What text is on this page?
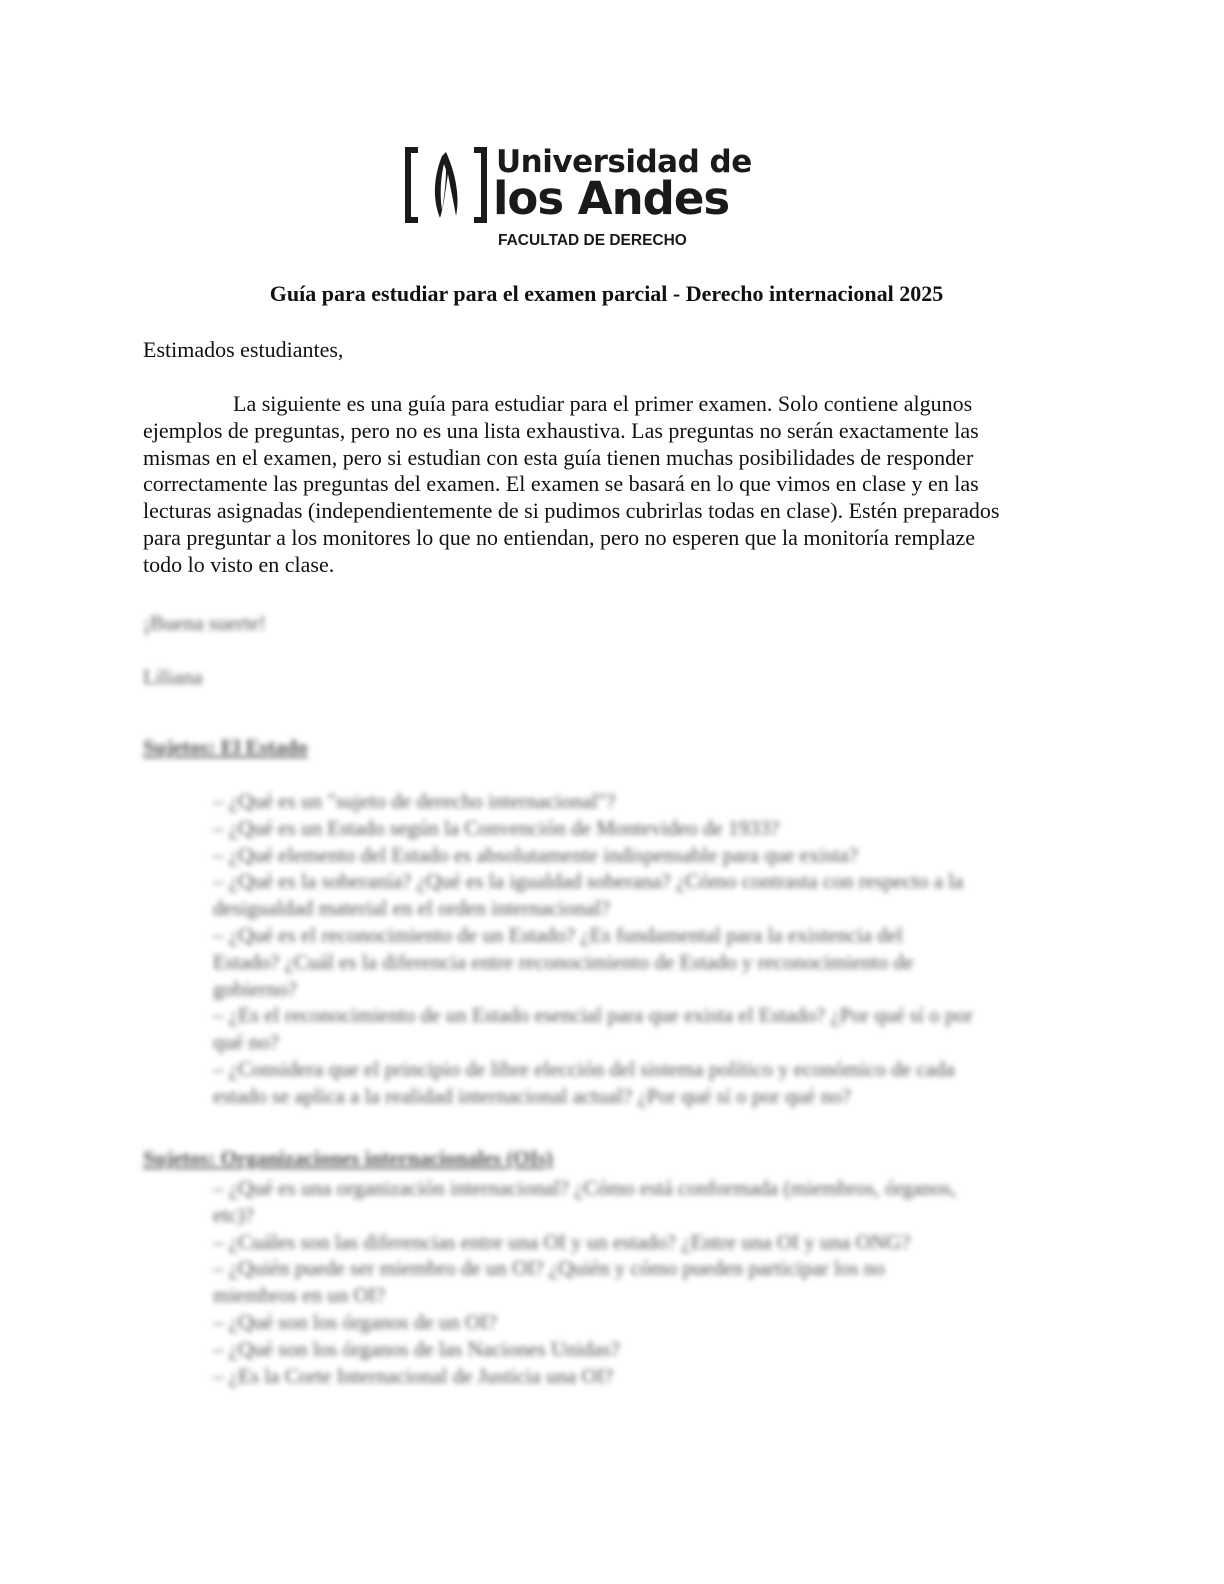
Universidad de
los Andes
FACULTAD DE DERECHO
Guía para estudiar para el examen parcial - Derecho internacional 2025
Estimados estudiantes,
La siguiente es una guía para estudiar para el primer examen. Solo contiene algunos
ejemplos de preguntas, pero no es una lista exhaustiva. Las preguntas no serán exactamente las
mismas en el examen, pero si estudian con esta guía tienen muchas posibilidades de responder
correctamente las preguntas del examen. El examen se basará en lo que vimos en clase y en las
lecturas asignadas (independientemente de si pudimos cubrirlas todas en clase). Estén preparados
para preguntar a los monitores lo que no entiendan, pero no esperen que la monitoría remplaze
todo lo visto en clase.
¡Buena suerte!
Liliana
Sujetos: El Estado
– ¿Qué es un "sujeto de derecho internacional"?
– ¿Qué es un Estado según la Convención de Montevideo de 1933?
– ¿Qué elemento del Estado es absolutamente indispensable para que exista?
– ¿Qué es la soberanía? ¿Qué es la igualdad soberana? ¿Cómo contrasta con respecto a la
desigualdad material en el orden internacional?
– ¿Qué es el reconocimiento de un Estado? ¿Es fundamental para la existencia del
Estado? ¿Cuál es la diferencia entre reconocimiento de Estado y reconocimiento de
gobierno?
– ¿Es el reconocimiento de un Estado esencial para que exista el Estado? ¿Por qué sí o por
qué no?
– ¿Considera que el principio de libre elección del sistema político y económico de cada
estado se aplica a la realidad internacional actual? ¿Por qué sí o por qué no?
Sujetos: Organizaciones internacionales (OIs)
– ¿Qué es una organización internacional? ¿Cómo está conformada (miembros, órganos,
etc)?
– ¿Cuáles son las diferencias entre una OI y un estado? ¿Entre una OI y una ONG?
– ¿Quién puede ser miembro de un OI? ¿Quién y cómo pueden participar los no
miembros en un OI?
– ¿Qué son los órganos de un OI?
– ¿Qué son los órganos de las Naciones Unidas?
– ¿Es la Corte Internacional de Justicia una OI?
